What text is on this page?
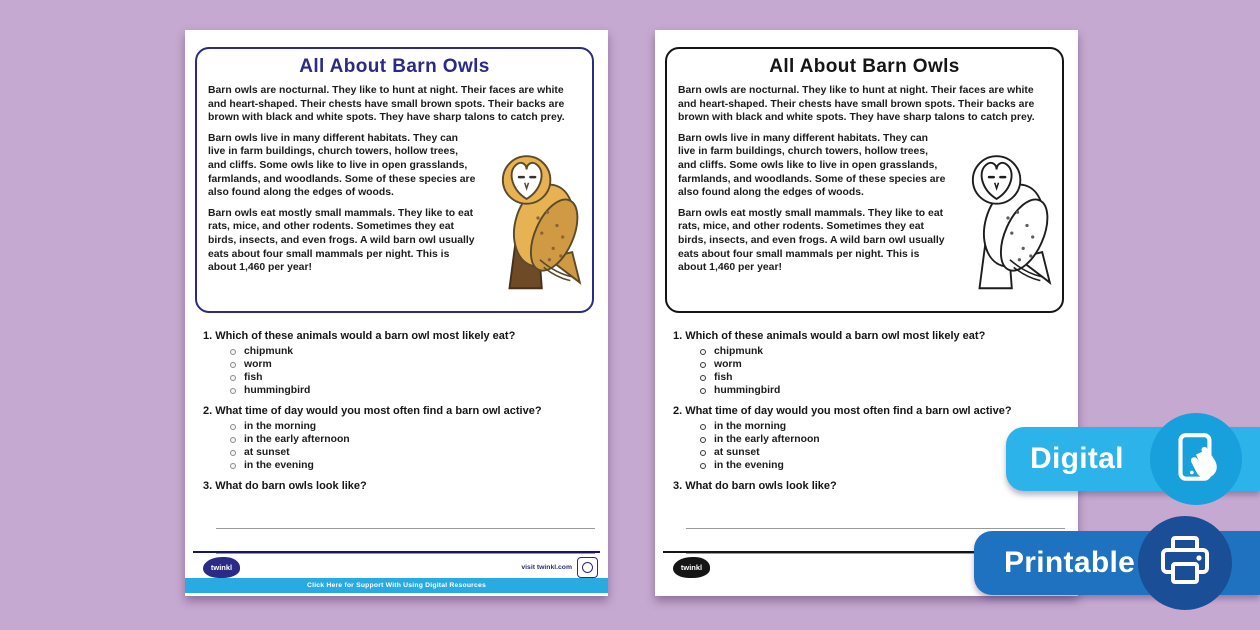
All About Barn Owls

Barn owls are nocturnal. They like to hunt at night. Their faces are white and heart-shaped. Their chests have small brown spots. Their backs are brown with black and white spots. They have sharp talons to catch prey.

Barn owls live in many different habitats. They can live in farm buildings, church towers, hollow trees, and cliffs. Some owls like to live in open grasslands, farmlands, and woodlands. Some of these species are also found along the edges of woods.

Barn owls eat mostly small mammals. They like to eat rats, mice, and other rodents. Sometimes they eat birds, insects, and even frogs. A wild barn owl usually eats about four small mammals per night. This is about 1,460 per year!

1. Which of these animals would a barn owl most likely eat?
chipmunk
worm
fish
hummingbird
2. What time of day would you most often find a barn owl active?
in the morning
in the early afternoon
at sunset
in the evening
3. What do barn owls look like?
twinkl	visit twinkl.com
Click Here for Support With Using Digital Resources
All About Barn Owls

Barn owls are nocturnal. They like to hunt at night. Their faces are white and heart-shaped. Their chests have small brown spots. Their backs are brown with black and white spots. They have sharp talons to catch prey.

Barn owls live in many different habitats. They can live in farm buildings, church towers, hollow trees, and cliffs. Some owls like to live in open grasslands, farmlands, and woodlands. Some of these species are also found along the edges of woods.

Barn owls eat mostly small mammals. They like to eat rats, mice, and other rodents. Sometimes they eat birds, insects, and even frogs. A wild barn owl usually eats about four small mammals per night. This is about 1,460 per year!

1. Which of these animals would a barn owl most likely eat?
chipmunk
worm
fish
hummingbird
2. What time of day would you most often find a barn owl active?
in the morning
in the early afternoon
at sunset
in the evening
3. What do barn owls look like?
twinkl
Digital
Printable
